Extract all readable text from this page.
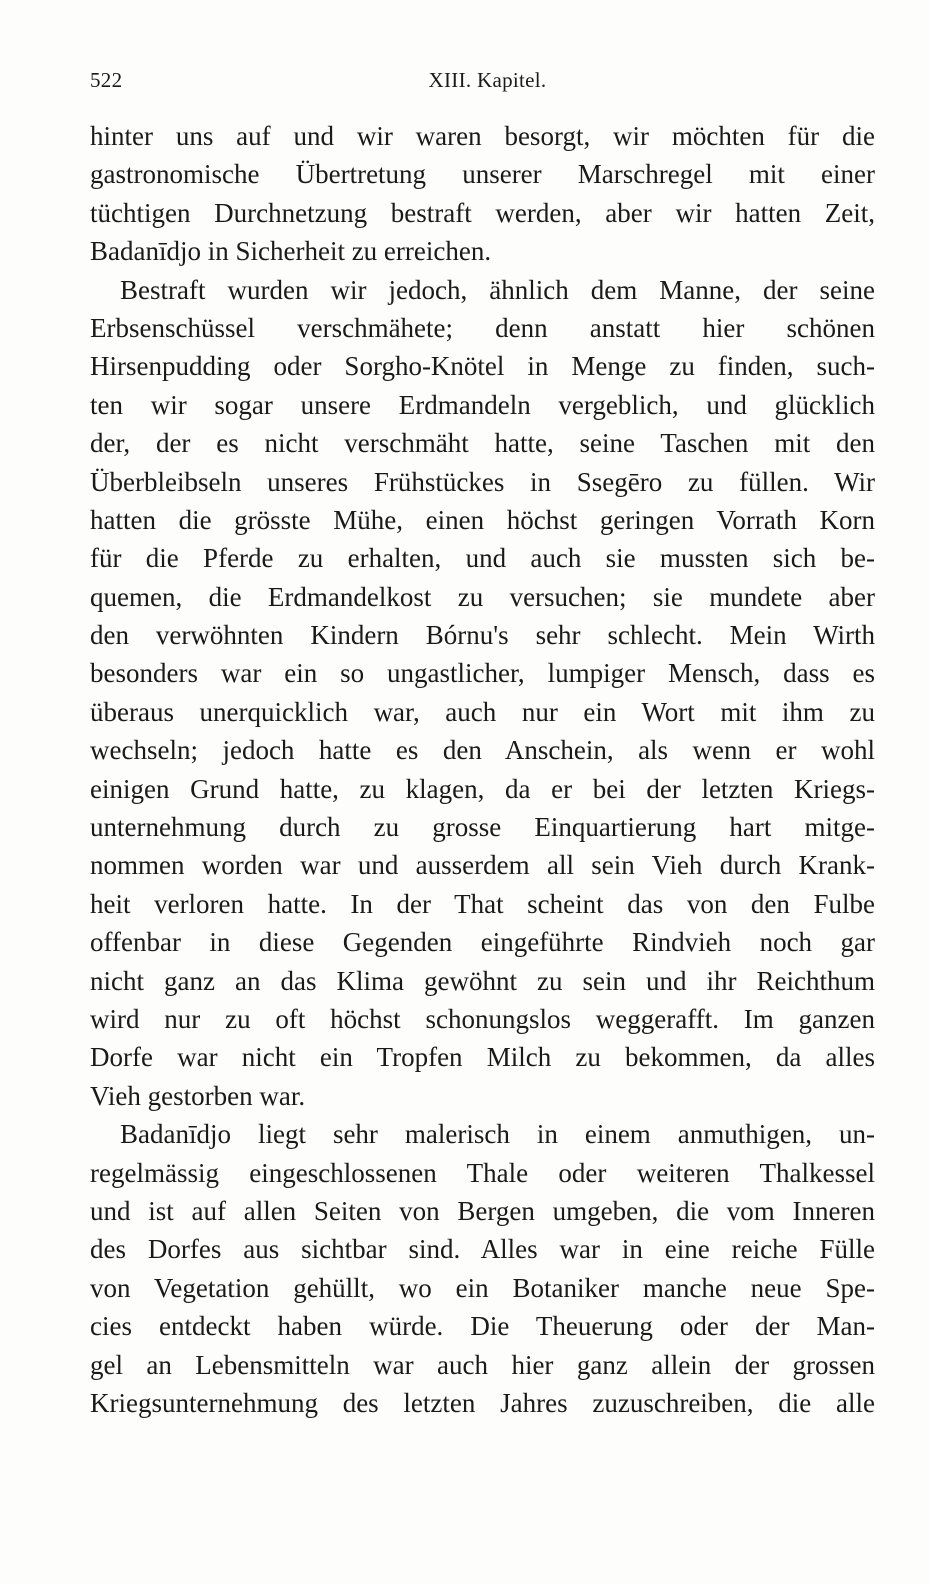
522	XIII. Kapitel.
hinter uns auf und wir waren besorgt, wir möchten für die
gastronomische Übertretung unserer Marschregel mit einer
tüchtigen Durchnetzung bestraft werden, aber wir hatten Zeit,
Badanīdjo in Sicherheit zu erreichen.
Bestraft wurden wir jedoch, ähnlich dem Manne, der seine
Erbsenschüssel verschmähete; denn anstatt hier schönen
Hirsenpudding oder Sorgho-Knötel in Menge zu finden, such-
ten wir sogar unsere Erdmandeln vergeblich, und glücklich
der, der es nicht verschmäht hatte, seine Taschen mit den
Überbleibseln unseres Frühstückes in Ssegēro zu füllen. Wir
hatten die grösste Mühe, einen höchst geringen Vorrath Korn
für die Pferde zu erhalten, und auch sie mussten sich be-
quemen, die Erdmandelkost zu versuchen; sie mundete aber
den verwöhnten Kindern Bórnu's sehr schlecht. Mein Wirth
besonders war ein so ungastlicher, lumpiger Mensch, dass es
überaus unerquicklich war, auch nur ein Wort mit ihm zu
wechseln; jedoch hatte es den Anschein, als wenn er wohl
einigen Grund hatte, zu klagen, da er bei der letzten Kriegs-
unternehmung durch zu grosse Einquartierung hart mitge-
nommen worden war und ausserdem all sein Vieh durch Krank-
heit verloren hatte. In der That scheint das von den Fulbe
offenbar in diese Gegenden eingeführte Rindvieh noch gar
nicht ganz an das Klima gewöhnt zu sein und ihr Reichthum
wird nur zu oft höchst schonungslos weggerafft. Im ganzen
Dorfe war nicht ein Tropfen Milch zu bekommen, da alles
Vieh gestorben war.
Badanīdjo liegt sehr malerisch in einem anmuthigen, un-
regelmässig eingeschlossenen Thale oder weiteren Thalkessel
und ist auf allen Seiten von Bergen umgeben, die vom Inneren
des Dorfes aus sichtbar sind. Alles war in eine reiche Fülle
von Vegetation gehüllt, wo ein Botaniker manche neue Spe-
cies entdeckt haben würde. Die Theuerung oder der Man-
gel an Lebensmitteln war auch hier ganz allein der grossen
Kriegsunternehmung des letzten Jahres zuzuschreiben, die alle
